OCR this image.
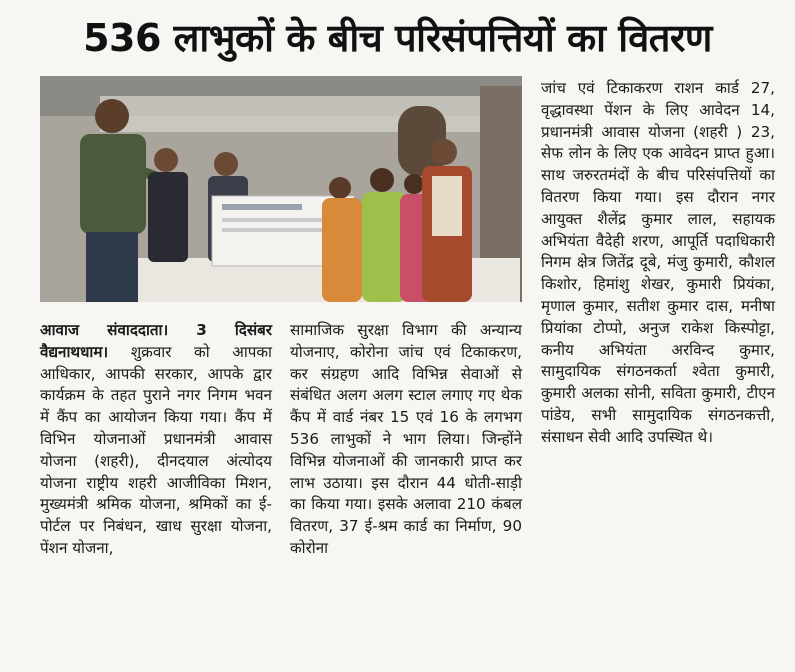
536 लाभुकों के बीच परिसंपत्तियों का वितरण

आवाज संवाददाता। 3 दिसंबर वैद्यनाथधाम। शुक्रवार को आपका आधिकार, आपकी सरकार, आपके द्वार कार्यक्रम के तहत पुराने नगर निगम भवन में कैंप का आयोजन किया गया। कैंप में विभिन योजनाओं प्रधानमंत्री आवास योजना (शहरी), दीनदयाल अंत्योदय योजना राष्ट्रीय शहरी आजीविका मिशन, मुख्यमंत्री श्रमिक योजना, श्रमिकों का ई-पोर्टल पर निबंधन, खाध सुरक्षा योजना, पेंशन योजना,

सामाजिक सुरक्षा विभाग की अन्यान्य योजनाए, कोरोना जांच एवं टिकाकरण, कर संग्रहण आदि विभिन्न सेवाओं से संबंधित अलग अलग स्टाल लगाए गए थेक कैंप में वार्ड नंबर 15 एवं 16 के लगभग 536 लाभुकों ने भाग लिया। जिन्होंने विभिन्न योजनाओं की जानकारी प्राप्त कर लाभ उठाया। इस दौरान 44 धोती-साड़ी का किया गया। इसके अलावा 210 कंबल वितरण, 37 ई-श्रम कार्ड का निर्माण, 90 कोरोना

जांच एवं टिकाकरण राशन कार्ड 27, वृद्धावस्था पेंशन के लिए आवेदन 14, प्रधानमंत्री आवास योजना (शहरी ) 23, सेफ लोन के लिए एक आवेदन प्राप्त हुआ। साथ जरुरतमंदों के बीच परिसंपत्तियों का वितरण किया गया। इस दौरान नगर आयुक्त शैलेंद्र कुमार लाल, सहायक अभियंता वैदेही शरण, आपूर्ति पदाधिकारी निगम क्षेत्र जितेंद्र दूबे, मंजु कुमारी, कौशल किशोर, हिमांशु शेखर, कुमारी प्रियंका, मृणाल कुमार, सतीश कुमार दास, मनीषा प्रियांका टोप्पो, अनुज राकेश किस्पोट्टा, कनीय अभियंता अरविन्द कुमार, सामुदायिक संगठनकर्ता श्वेता कुमारी, कुमारी अलका सोनी, सविता कुमारी, टीएन पांडेय, सभी सामुदायिक संगठनकत्ती, संसाधन सेवी आदि उपस्थित थे।
